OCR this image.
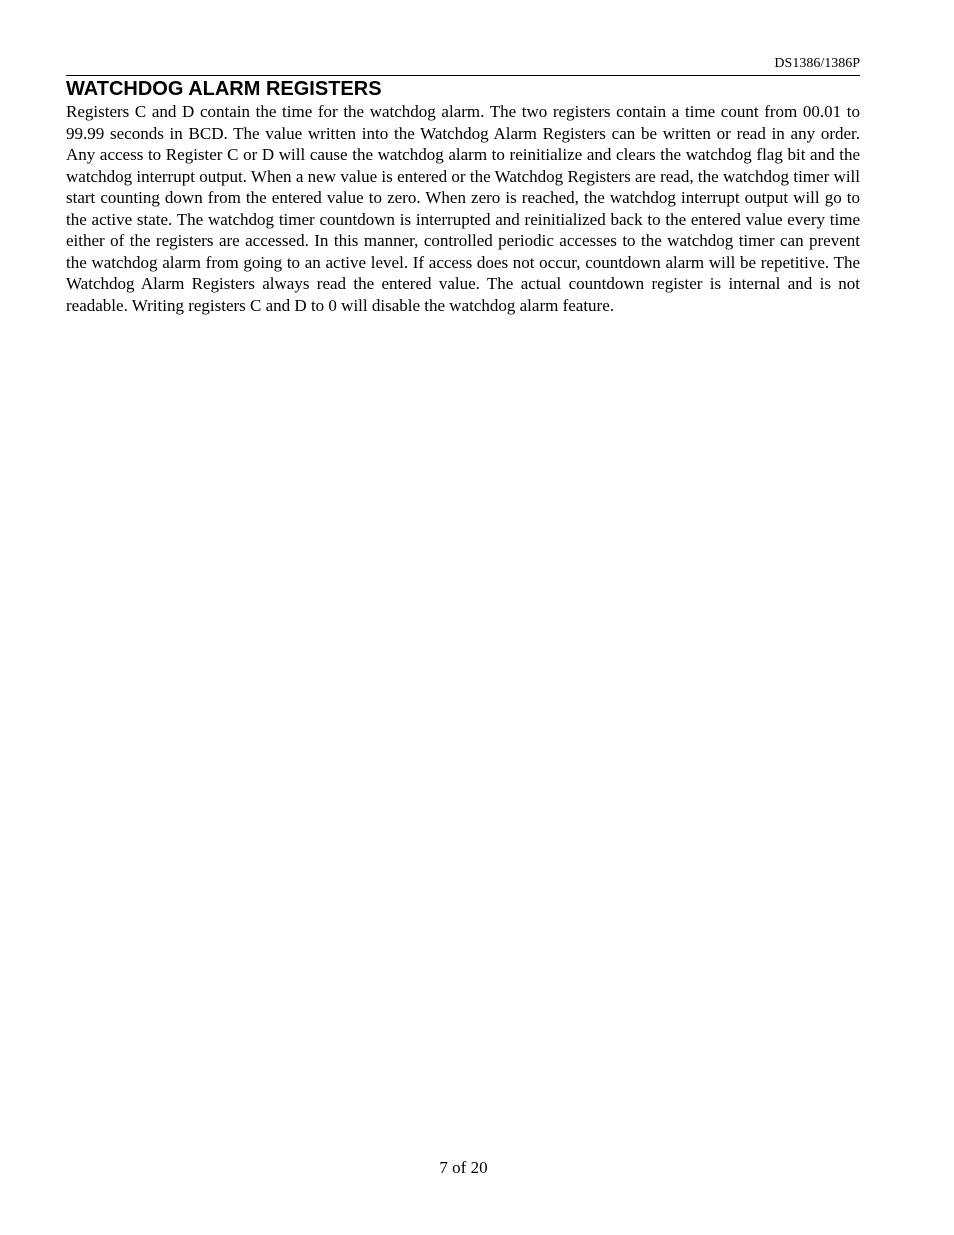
DS1386/1386P
WATCHDOG ALARM REGISTERS

Registers C and D contain the time for the watchdog alarm. The two registers contain a time count from 00.01 to 99.99 seconds in BCD. The value written into the Watchdog Alarm Registers can be written or read in any order. Any access to Register C or D will cause the watchdog alarm to reinitialize and clears the watchdog flag bit and the watchdog interrupt output. When a new value is entered or the Watchdog Registers are read, the watchdog timer will start counting down from the entered value to zero. When zero is reached, the watchdog interrupt output will go to the active state. The watchdog timer countdown is interrupted and reinitialized back to the entered value every time either of the registers are accessed. In this manner, controlled periodic accesses to the watchdog timer can prevent the watchdog alarm from going to an active level. If access does not occur, countdown alarm will be repetitive. The Watchdog Alarm Registers always read the entered value. The actual countdown register is internal and is not readable. Writing registers C and D to 0 will disable the watchdog alarm feature.

7 of 20
